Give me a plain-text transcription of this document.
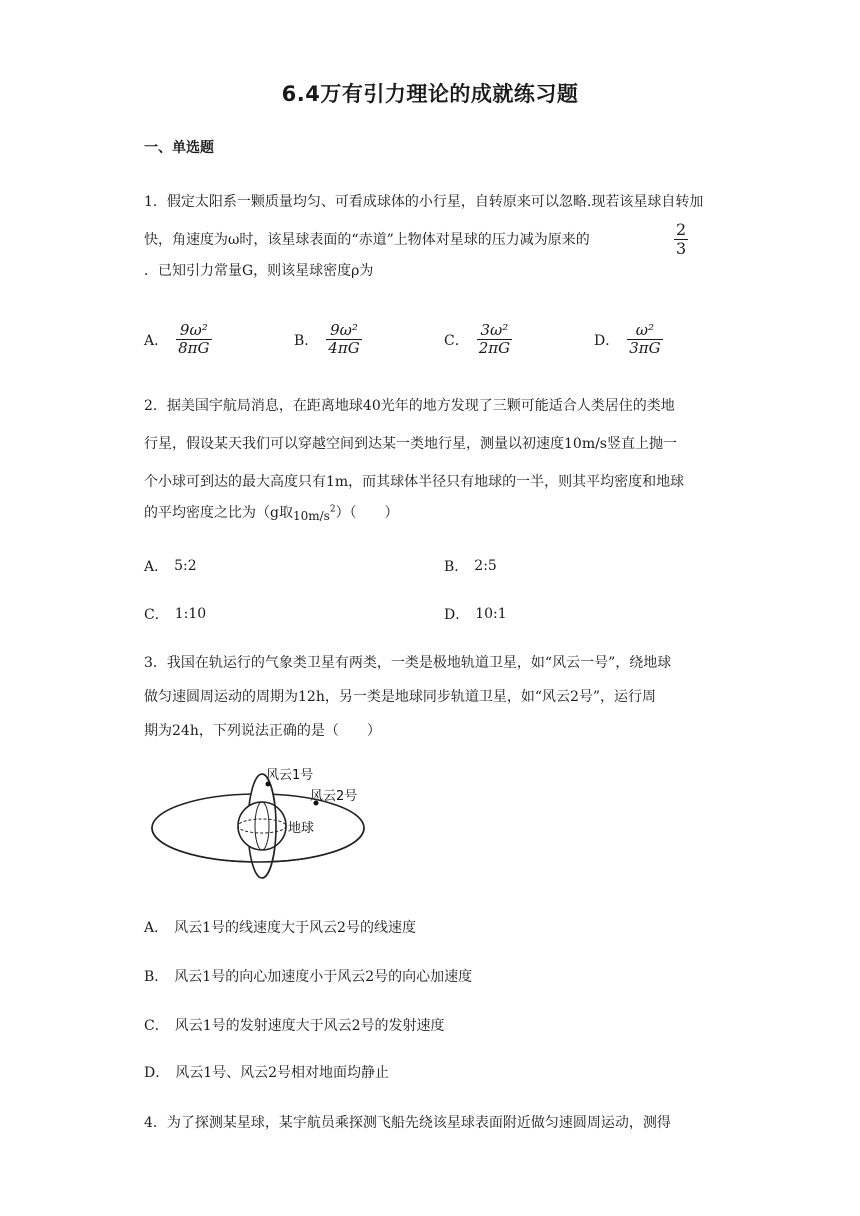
6.4万有引力理论的成就练习题
一、单选题
1．假定太阳系一颗质量均匀、可看成球体的小行星，自转原来可以忽略.现若该星球自转加快，角速度为ω时，该星球表面的“赤道”上物体对星球的压力减为原来的	$\frac{2}{3}$
．已知引力常量G，则该星球密度ρ为
A． $\frac{\text{9ω²}}{8\pi G}$	B． $\frac{\text{9ω²}}{4\pi G}$	C． $\frac{\text{3ω²}}{2\pi G}$	D． $\frac{\text{ω²}}{3\pi G}$
2．据美国宇航局消息，在距离地球40光年的地方发现了三颗可能适合人类居住的类地
行星，假设某天我们可以穿越空间到达某一类地行星，测量以初速度10m/s竖直上抛一
个小球可到达的最大高度只有1m，而其球体半径只有地球的一半，则其平均密度和地球
的平均密度之比为（g取$10m/s^2$）（　　）
A． 5:2	B． 2:5
C． 1:10	D． 10:1
3．我国在轨运行的气象类卫星有两类，一类是极地轨道卫星，如“风云一号”，绕地球
做匀速圆周运动的周期为12h，另一类是地球同步轨道卫星，如“风云2号”，运行周
期为24h，下列说法正确的是（　　）
风云1号
风云2号
地球
A． 风云1号的线速度大于风云2号的线速度
B． 风云1号的向心加速度小于风云2号的向心加速度
C． 风云1号的发射速度大于风云2号的发射速度
D． 风云1号、风云2号相对地面均静止
4．为了探测某星球，某宇航员乘探测飞船先绕该星球表面附近做匀速圆周运动，测得
